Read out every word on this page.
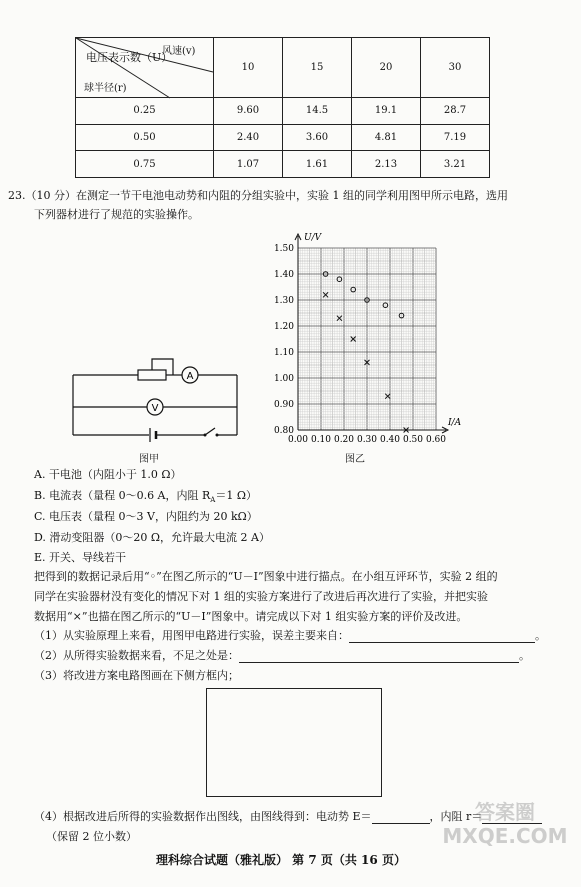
风速(v)
电压表示数（U）
球半径(r)	10	15	20	30
0.25	9.60	14.5	19.1	28.7
0.50	2.40	3.60	4.81	7.19
0.75	1.07	1.61	2.13	3.21
23.（10 分）在测定一节干电池电动势和内阻的分组实验中，实验 1 组的同学利用图甲所示电路，选用
下列器材进行了规范的实验操作。
A
V
图甲
0.80
0.90
1.00
1.10
1.20
1.30
1.40
1.50
0.00 0.10 0.20 0.30 0.40 0.50 0.60
U/V
I/A
图乙
A. 干电池（内阻小于 1.0 Ω）
B. 电流表（量程 0～0.6 A，内阻 $R_A=1$ Ω）
C. 电压表（量程 0～3 V，内阻约为 20 kΩ）
D. 滑动变阻器（0～20 Ω，允许最大电流 2 A）
E. 开关、导线若干
把得到的数据记录后用“◦”在图乙所示的“U－I”图象中进行描点。在小组互评环节，实验 2 组的
同学在实验器材没有变化的情况下对 1 组的实验方案进行了改进后再次进行了实验，并把实验
数据用“×”也描在图乙所示的“U－I”图象中。请完成以下对 1 组实验方案的评价及改进。
（1）从实验原理上来看，用图甲电路进行实验，误差主要来自：	。
（2）从所得实验数据来看，不足之处是：	。
（3）将改进方案电路图画在下侧方框内；
（4）根据改进后所得的实验数据作出图线，由图线得到：电动势 E＝	，内阻 r＝
（保留 2 位小数）
理科综合试题（雅礼版） 第 7 页（共 16 页）
答案圈 MXQE.COM
